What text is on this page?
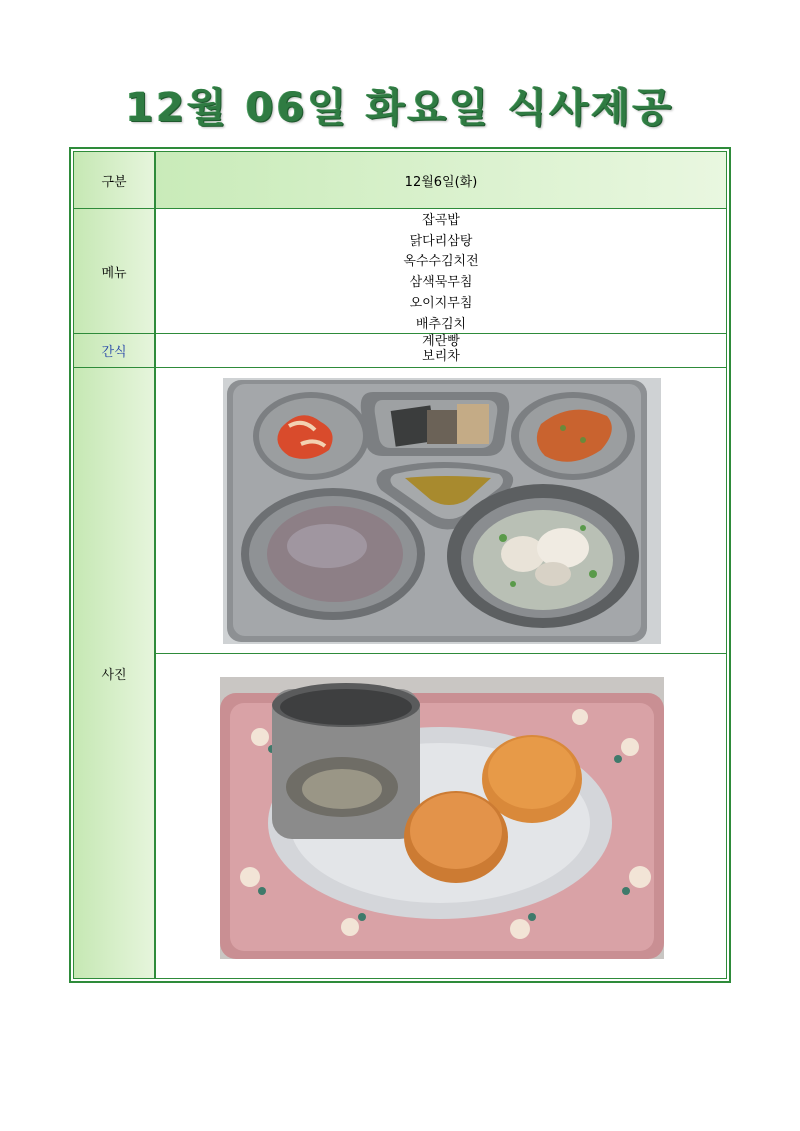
12월 06일 화요일 식사제공
구분	12월6일(화)
메뉴
잡곡밥
닭다리삼탕
옥수수김치전
삼색묵무침
오이지무침
배추김치
간식
계란빵
보리차
사진
